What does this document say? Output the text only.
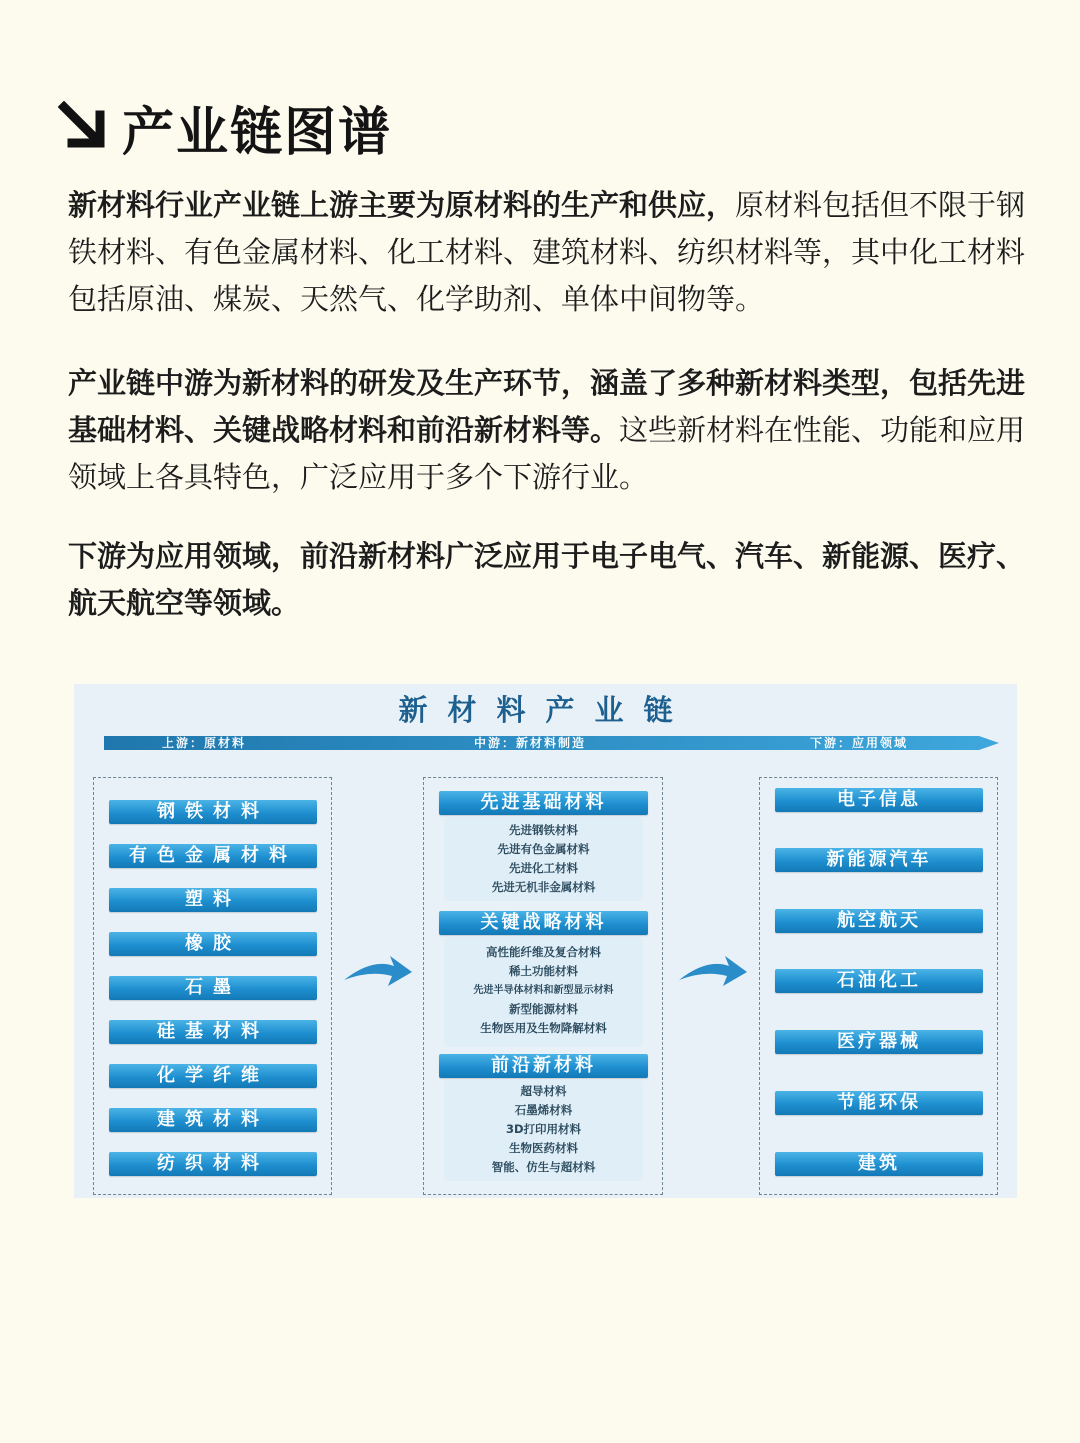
产业链图谱

新材料行业产业链上游主要为原材料的生产和供应，原材料包括但不限于钢铁材料、有色金属材料、化工材料、建筑材料、纺织材料等，其中化工材料包括原油、煤炭、天然气、化学助剂、单体中间物等。

产业链中游为新材料的研发及生产环节，涵盖了多种新材料类型，包括先进基础材料、关键战略材料和前沿新材料等。这些新材料在性能、功能和应用领域上各具特色，广泛应用于多个下游行业。

下游为应用领域，前沿新材料广泛应用于电子电气、汽车、新能源、医疗、航天航空等领域。

新材料产业链
上游：原材料	中游：新材料制造	下游：应用领域
钢铁材料
有色金属材料
塑料
橡胶
石墨
硅基材料
化学纤维
建筑材料
纺织材料
先进基础材料
先进钢铁材料
先进有色金属材料
先进化工材料
先进无机非金属材料
关键战略材料
高性能纤维及复合材料
稀土功能材料
先进半导体材料和新型显示材料
新型能源材料
生物医用及生物降解材料
前沿新材料
超导材料
石墨烯材料
3D打印用材料
生物医药材料
智能、仿生与超材料
电子信息
新能源汽车
航空航天
石油化工
医疗器械
节能环保
建筑
